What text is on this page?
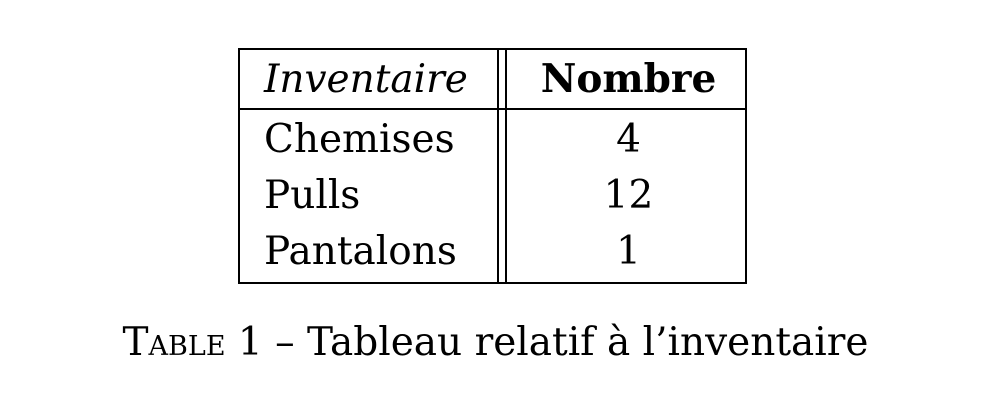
Inventaire	Nombre
Chemises	4
Pulls	12
Pantalons	1
Table 1 – Tableau relatif à l’inventaire
